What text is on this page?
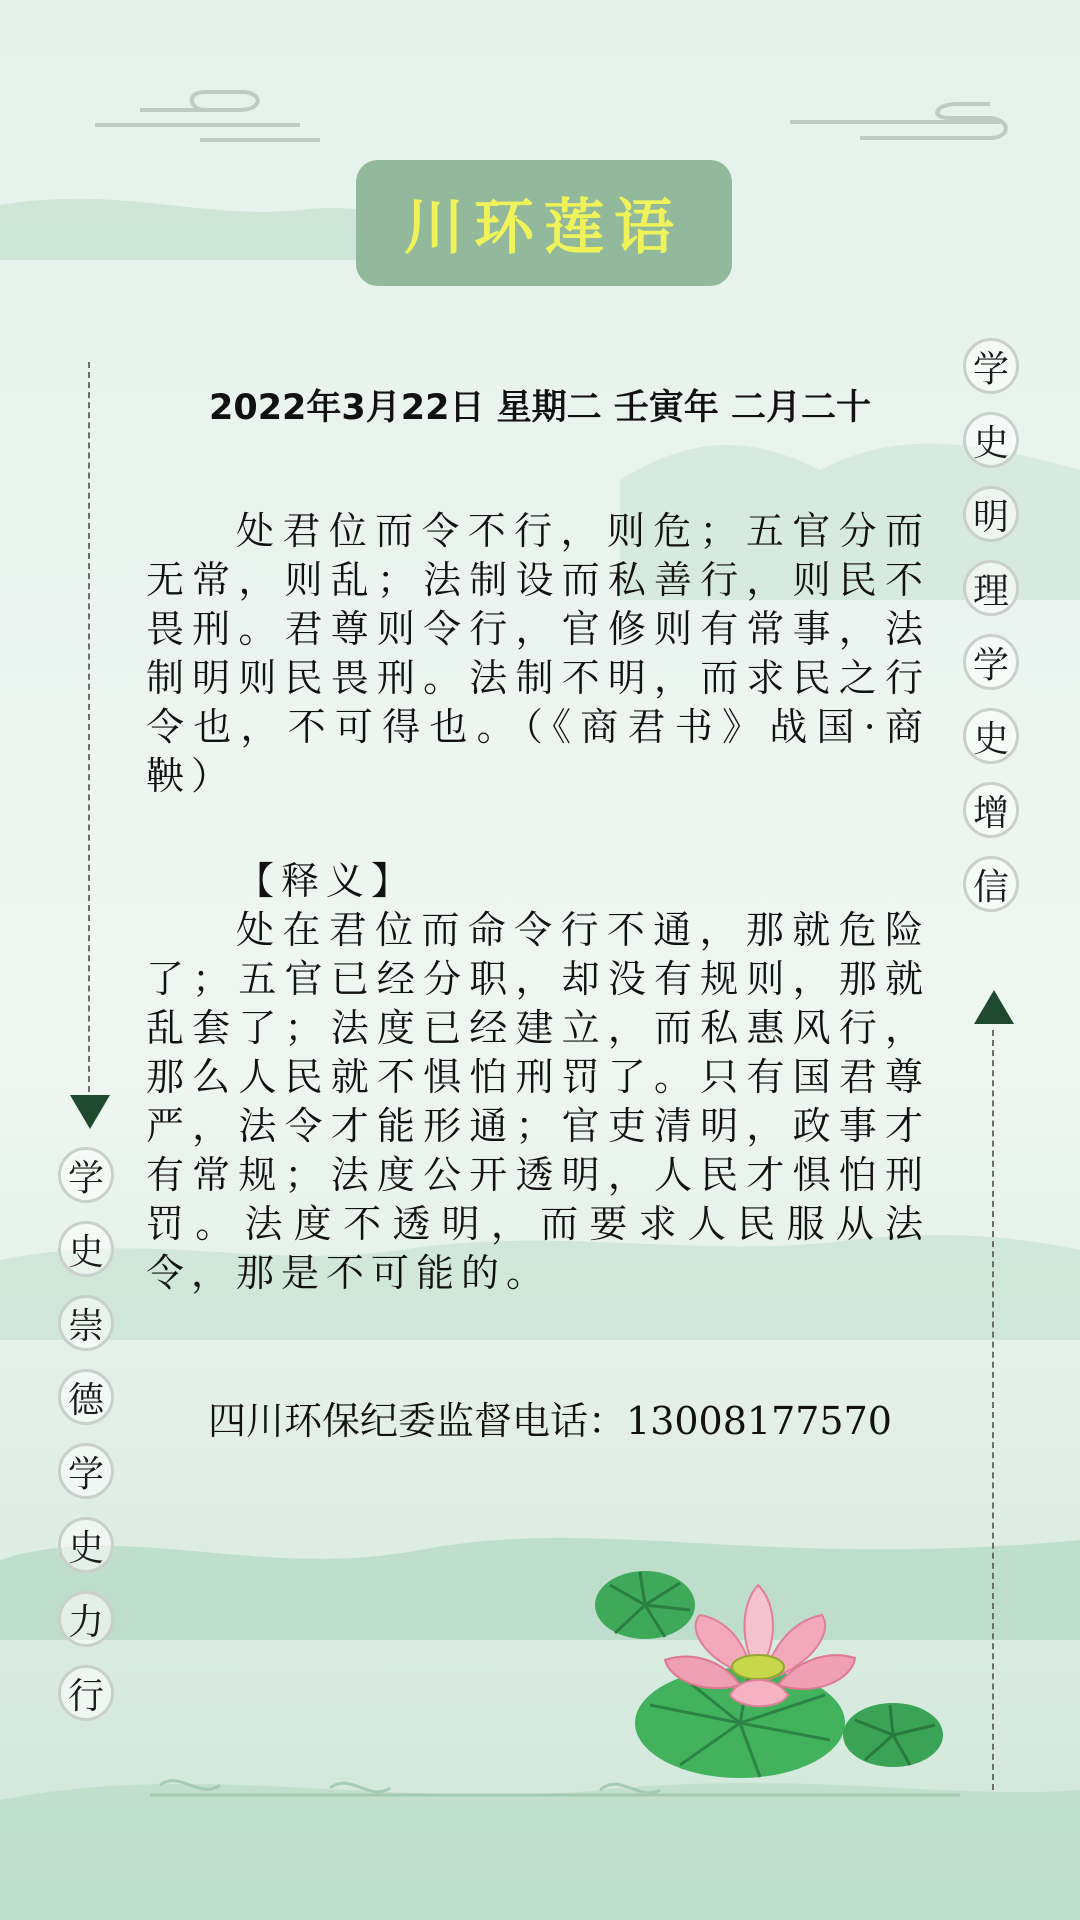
川环莲语
2022年3月22日 星期二 壬寅年 二月二十
处君位而令不行，则危；五官分而无常，则乱；法制设而私善行，则民不畏刑。君尊则令行，官修则有常事，法制明则民畏刑。法制不明，而求民之行令也，不可得也。（《商君书》战国·商鞅）
【释义】
处在君位而命令行不通，那就危险了；五官已经分职，却没有规则，那就乱套了；法度已经建立，而私惠风行，那么人民就不惧怕刑罚了。只有国君尊严，法令才能形通；官吏清明，政事才有常规；法度公开透明，人民才惧怕刑罚。法度不透明，而要求人民服从法令，那是不可能的。
四川环保纪委监督电话：13008177570
学
史
明
理
学
史
增
信
学
史
崇
德
学
史
力
行
